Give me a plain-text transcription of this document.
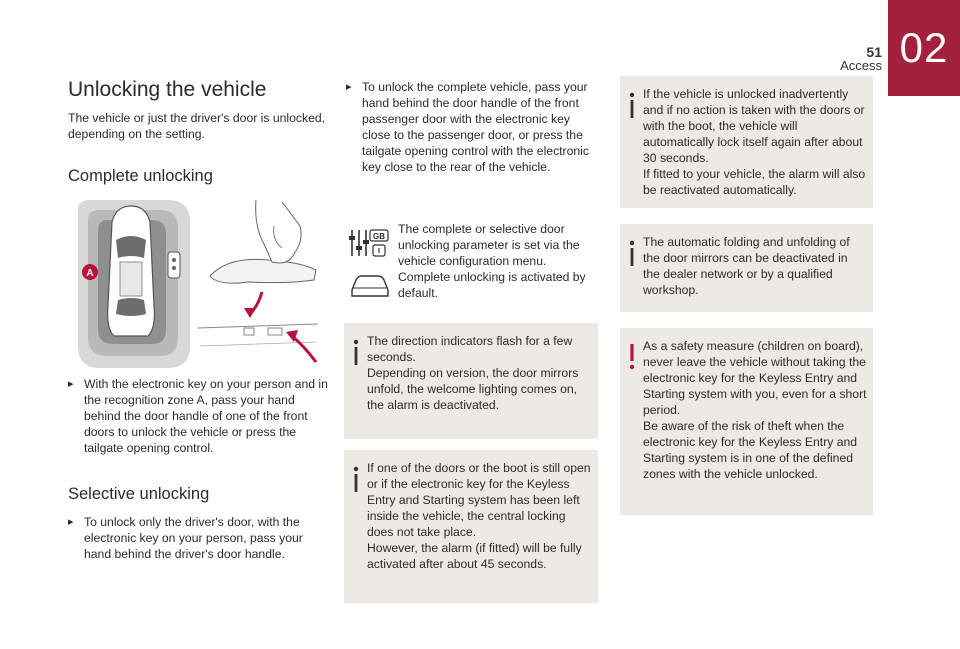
02
51
Access
Unlocking the vehicle
The vehicle or just the driver's door is unlocked, depending on the setting.
Complete unlocking
A
▸ With the electronic key on your person and in the recognition zone A, pass your hand behind the door handle of one of the front doors to unlock the vehicle or press the tailgate opening control.
Selective unlocking
▸ To unlock only the driver's door, with the electronic key on your person, pass your hand behind the driver's door handle.
▸ To unlock the complete vehicle, pass your hand behind the door handle of the front passenger door with the electronic key close to the passenger door, or press the tailgate opening control with the electronic key close to the rear of the vehicle.
GB
The complete or selective door unlocking parameter is set via the vehicle configuration menu. Complete unlocking is activated by default.
The direction indicators flash for a few seconds.
Depending on version, the door mirrors unfold, the welcome lighting comes on, the alarm is deactivated.
If one of the doors or the boot is still open or if the electronic key for the Keyless Entry and Starting system has been left inside the vehicle, the central locking does not take place.
However, the alarm (if fitted) will be fully activated after about 45 seconds.
If the vehicle is unlocked inadvertently and if no action is taken with the doors or with the boot, the vehicle will automatically lock itself again after about 30 seconds.
If fitted to your vehicle, the alarm will also be reactivated automatically.
The automatic folding and unfolding of the door mirrors can be deactivated in the dealer network or by a qualified workshop.
As a safety measure (children on board), never leave the vehicle without taking the electronic key for the Keyless Entry and Starting system with you, even for a short period.
Be aware of the risk of theft when the electronic key for the Keyless Entry and Starting system is in one of the defined zones with the vehicle unlocked.
